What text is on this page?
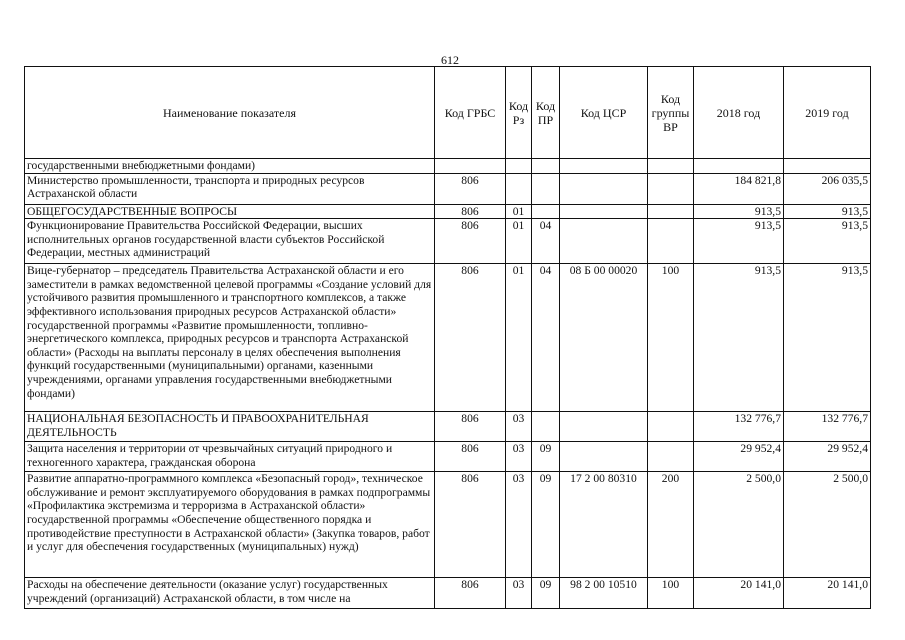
612
Наименование показателя	Код ГРБС	Код Рз	Код ПР	Код ЦСР	Код группы ВР	2018 год	2019 год
государственными внебюджетными фондами)							
Министерство промышленности, транспорта и природных ресурсов Астраханской области	806					184 821,8	206 035,5
ОБЩЕГОСУДАРСТВЕННЫЕ ВОПРОСЫ	806	01				913,5	913,5
Функционирование Правительства Российской Федерации, высших исполнительных органов государственной власти субъектов Российской Федерации, местных администраций	806	01	04			913,5	913,5
Вице-губернатор – председатель Правительства Астраханской области и его заместители в рамках ведомственной целевой программы «Создание условий для устойчивого развития промышленного и транспортного комплексов, а также эффективного использования природных ресурсов Астраханской области» государственной программы «Развитие промышленности, топливно-энергетического комплекса, природных ресурсов и транспорта Астраханской области» (Расходы на выплаты персоналу в целях обеспечения выполнения функций государственными (муниципальными) органами, казенными учреждениями, органами управления государственными внебюджетными фондами)	806	01	04	08 Б 00 00020	100	913,5	913,5
НАЦИОНАЛЬНАЯ БЕЗОПАСНОСТЬ И ПРАВООХРАНИТЕЛЬНАЯ ДЕЯТЕЛЬНОСТЬ	806	03				132 776,7	132 776,7
Защита населения и территории от чрезвычайных ситуаций природного и техногенного характера, гражданская оборона	806	03	09			29 952,4	29 952,4
Развитие аппаратно-программного комплекса «Безопасный город», техническое обслуживание и ремонт эксплуатируемого оборудования в рамках подпрограммы «Профилактика экстремизма и терроризма в Астраханской области» государственной программы «Обеспечение общественного порядка и противодействие преступности в Астраханской области» (Закупка товаров, работ и услуг для обеспечения государственных (муниципальных) нужд)	806	03	09	17 2 00 80310	200	2 500,0	2 500,0
Расходы на обеспечение деятельности (оказание услуг) государственных учреждений (организаций) Астраханской области, в том числе на	806	03	09	98 2 00 10510	100	20 141,0	20 141,0
